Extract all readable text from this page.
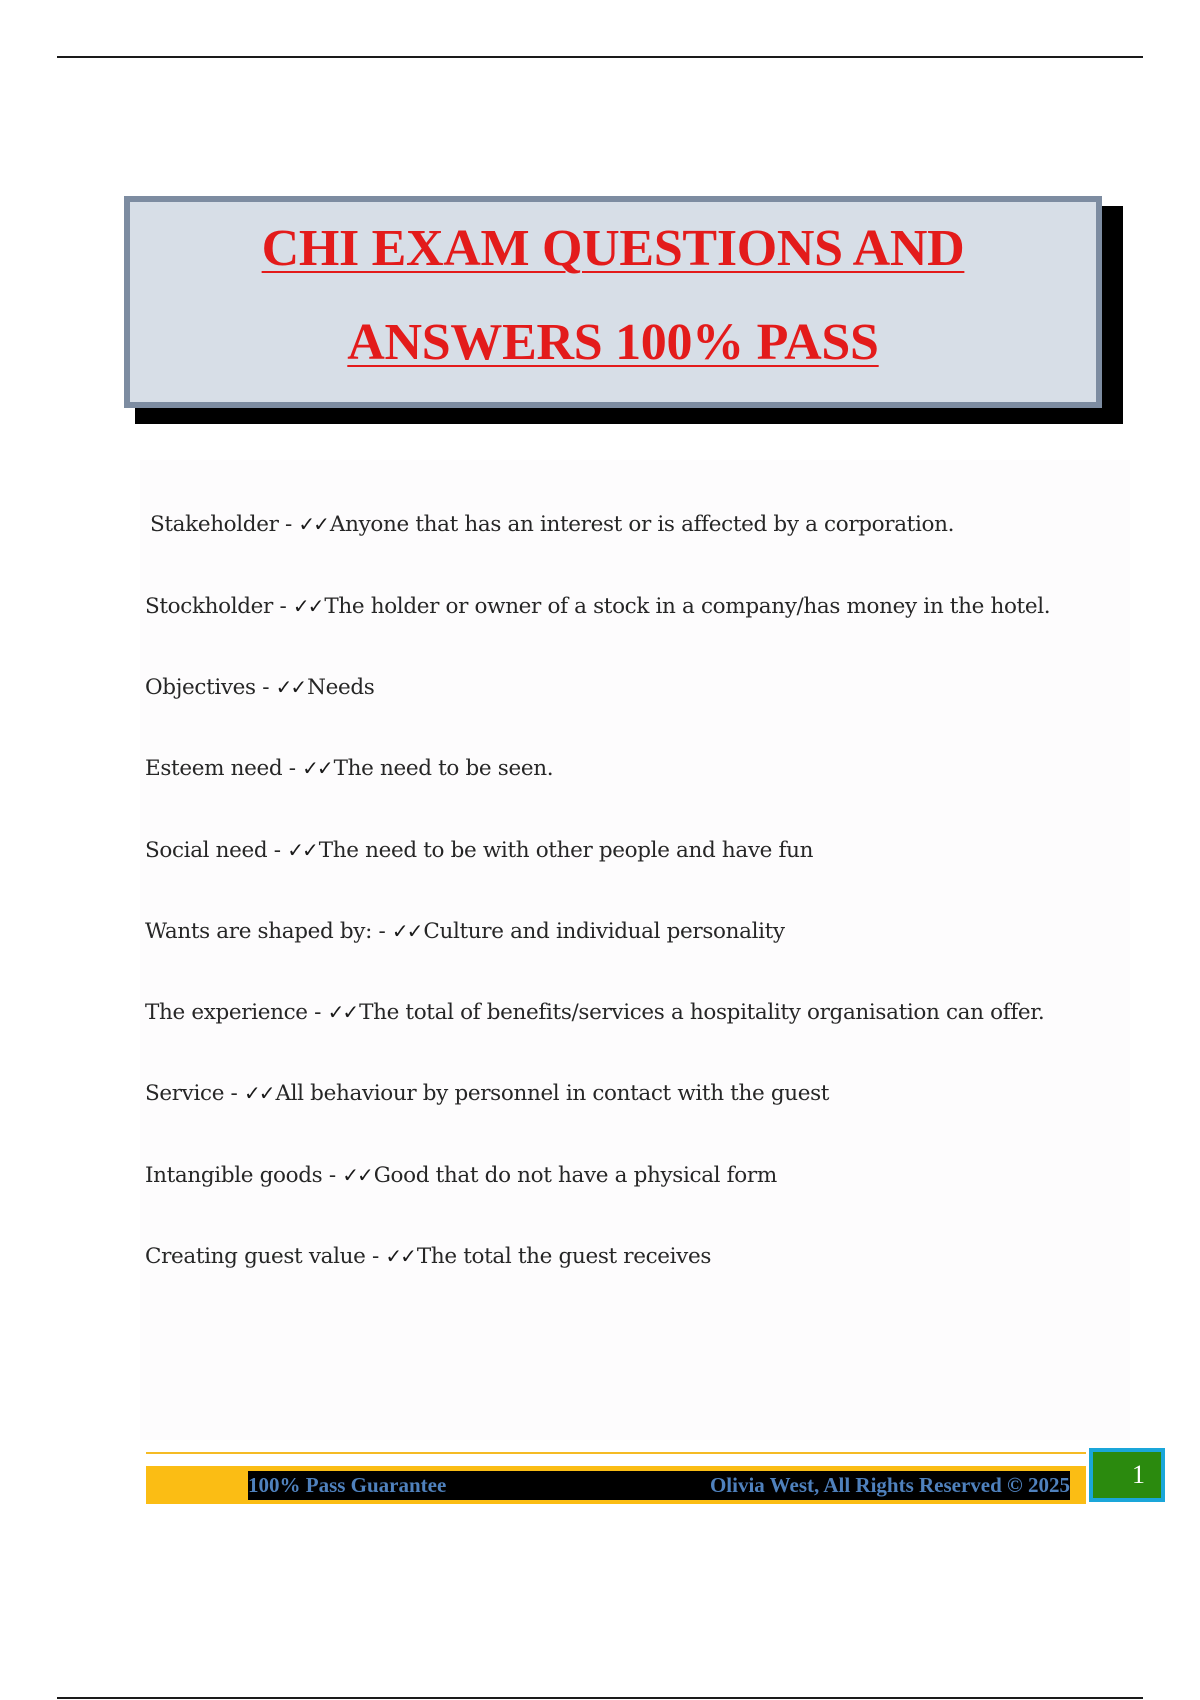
CHI EXAM QUESTIONS AND
ANSWERS 100% PASS
Stakeholder - ✓✓Anyone that has an interest or is affected by a corporation.
Stockholder - ✓✓The holder or owner of a stock in a company/has money in the hotel.
Objectives - ✓✓Needs
Esteem need - ✓✓The need to be seen.
Social need - ✓✓The need to be with other people and have fun
Wants are shaped by: - ✓✓Culture and individual personality
The experience - ✓✓The total of benefits/services a hospitality organisation can offer.
Service - ✓✓All behaviour by personnel in contact with the guest
Intangible goods - ✓✓Good that do not have a physical form
Creating guest value - ✓✓The total the guest receives
100% Pass Guarantee	Olivia West, All Rights Reserved © 2025	1
